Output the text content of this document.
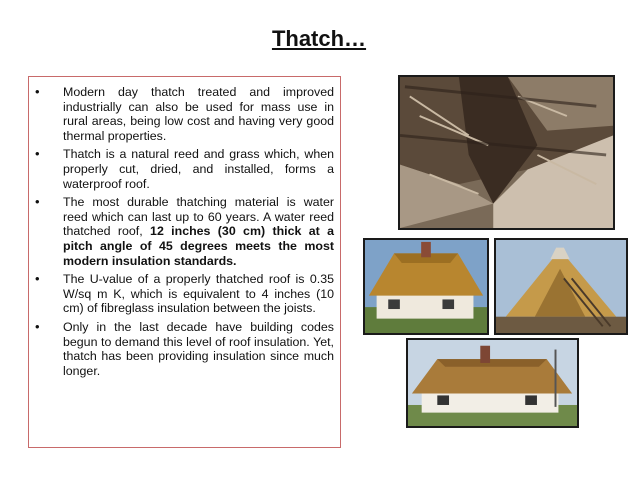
Thatch…
• Modern day thatch treated and improved industrially can also be used for mass use in rural areas, being low cost and having very good thermal properties.
• Thatch is a natural reed and grass which, when properly cut, dried, and installed, forms a waterproof roof.
• The most durable thatching material is water reed which can last up to 60 years. A water reed thatched roof, 12 inches (30 cm) thick at a pitch angle of 45 degrees meets the most modern insulation standards.
• The U-value of a properly thatched roof is 0.35 W/sq m K, which is equivalent to 4 inches (10 cm) of fibreglass insulation between the joists.
• Only in the last decade have building codes begun to demand this level of roof insulation. Yet, thatch has been providing insulation since much longer.
